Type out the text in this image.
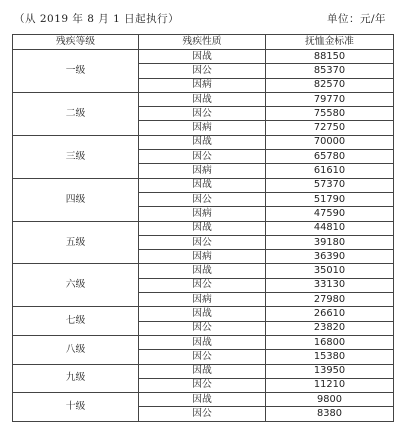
（从 2019 年 8 月 1 日起执行）	单位：元/年
残疾等级	残疾性质	抚恤金标准
一级	因战	88150
	因公	85370
	因病	82570
二级	因战	79770
	因公	75580
	因病	72750
三级	因战	70000
	因公	65780
	因病	61610
四级	因战	57370
	因公	51790
	因病	47590
五级	因战	44810
	因公	39180
	因病	36390
六级	因战	35010
	因公	33130
	因病	27980
七级	因战	26610
	因公	23820
八级	因战	16800
	因公	15380
九级	因战	13950
	因公	11210
十级	因战	9800
	因公	8380
